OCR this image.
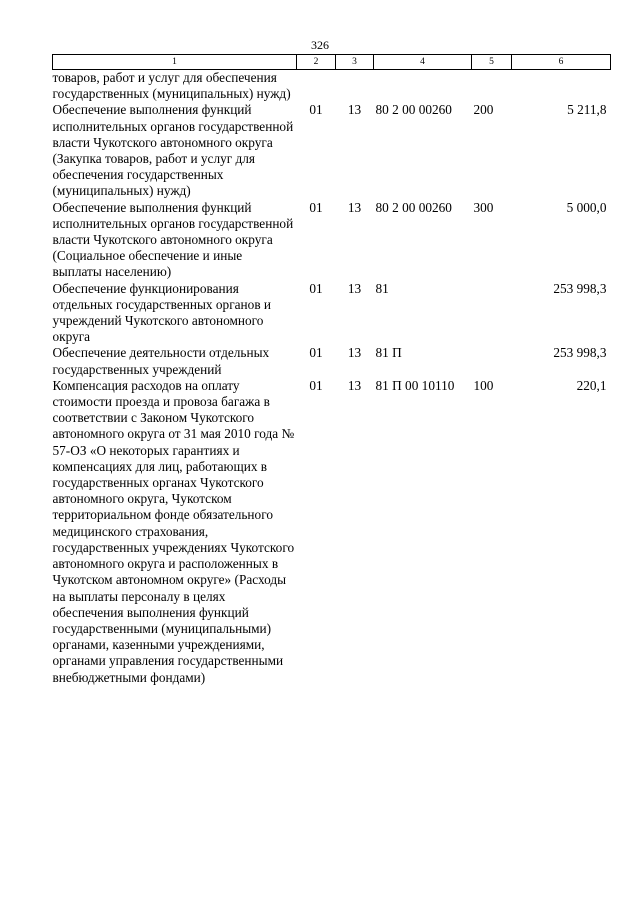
326
1	2	3	4	5	6
товаров, работ и услуг для обеспечения государственных (муниципальных) нужд)					
Обеспечение выполнения функций исполнительных органов государственной власти Чукотского автономного округа (Закупка товаров, работ и услуг для обеспечения государственных (муниципальных) нужд)	01	13	80 2 00 00260	200	5 211,8
Обеспечение выполнения функций исполнительных органов государственной власти Чукотского автономного округа (Социальное обеспечение и иные выплаты населению)	01	13	80 2 00 00260	300	5 000,0
Обеспечение функционирования отдельных государственных органов и учреждений Чукотского автономного округа	01	13	81		253 998,3
Обеспечение деятельности отдельных государственных учреждений	01	13	81 П		253 998,3
Компенсация расходов на оплату стоимости проезда и провоза багажа в соответствии с Законом Чукотского автономного округа от 31 мая 2010 года № 57-ОЗ «О некоторых гарантиях и компенсациях для лиц, работающих в государственных органах Чукотского автономного округа, Чукотском территориальном фонде обязательного медицинского страхования, государственных учреждениях Чукотского автономного округа и расположенных в Чукотском автономном округе» (Расходы на выплаты персоналу в целях обеспечения выполнения функций государственными (муниципальными) органами, казенными учреждениями, органами управления государственными внебюджетными фондами)	01	13	81 П 00 10110	100	220,1
